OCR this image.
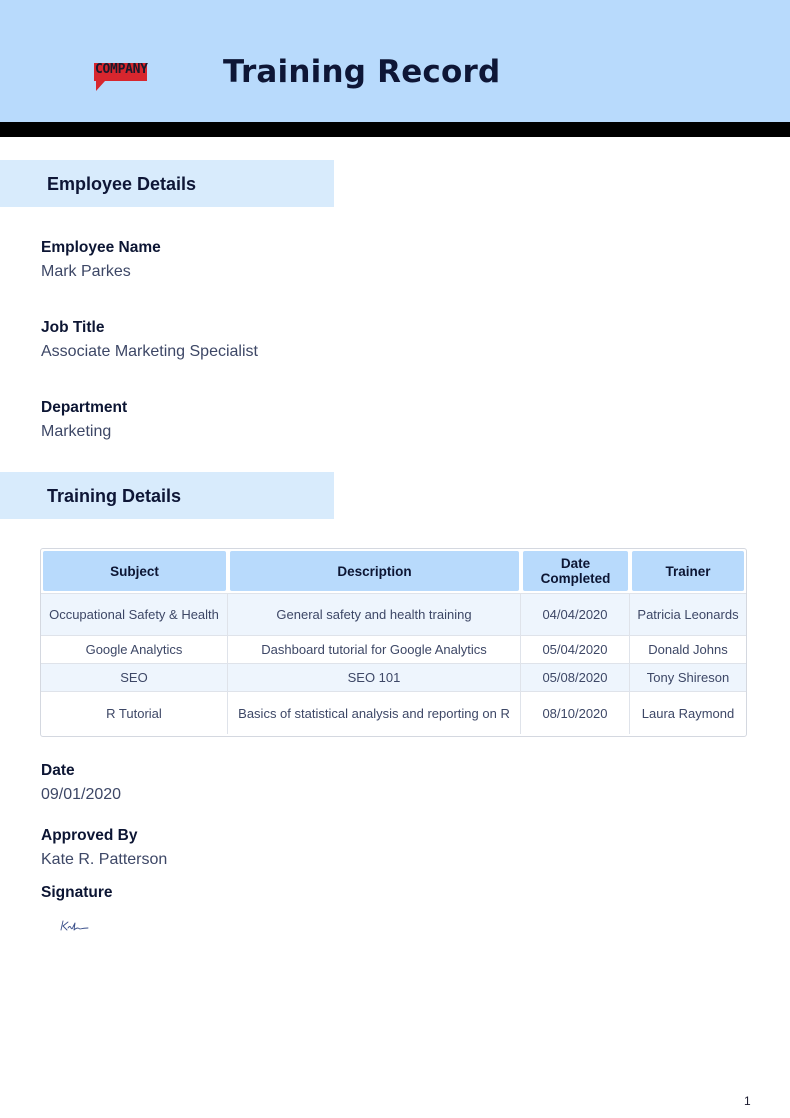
COMPANY Training Record
Employee Details
Employee Name
Mark Parkes
Job Title
Associate Marketing Specialist
Department
Marketing
Training Details
Subject	Description	Date Completed	Trainer
Occupational Safety & Health	General safety and health training	04/04/2020	Patricia Leonards
Google Analytics	Dashboard tutorial for Google Analytics	05/04/2020	Donald Johns
SEO	SEO 101	05/08/2020	Tony Shireson
R Tutorial	Basics of statistical analysis and reporting on R	08/10/2020	Laura Raymond
Date
09/01/2020
Approved By
Kate R. Patterson
Signature
1
